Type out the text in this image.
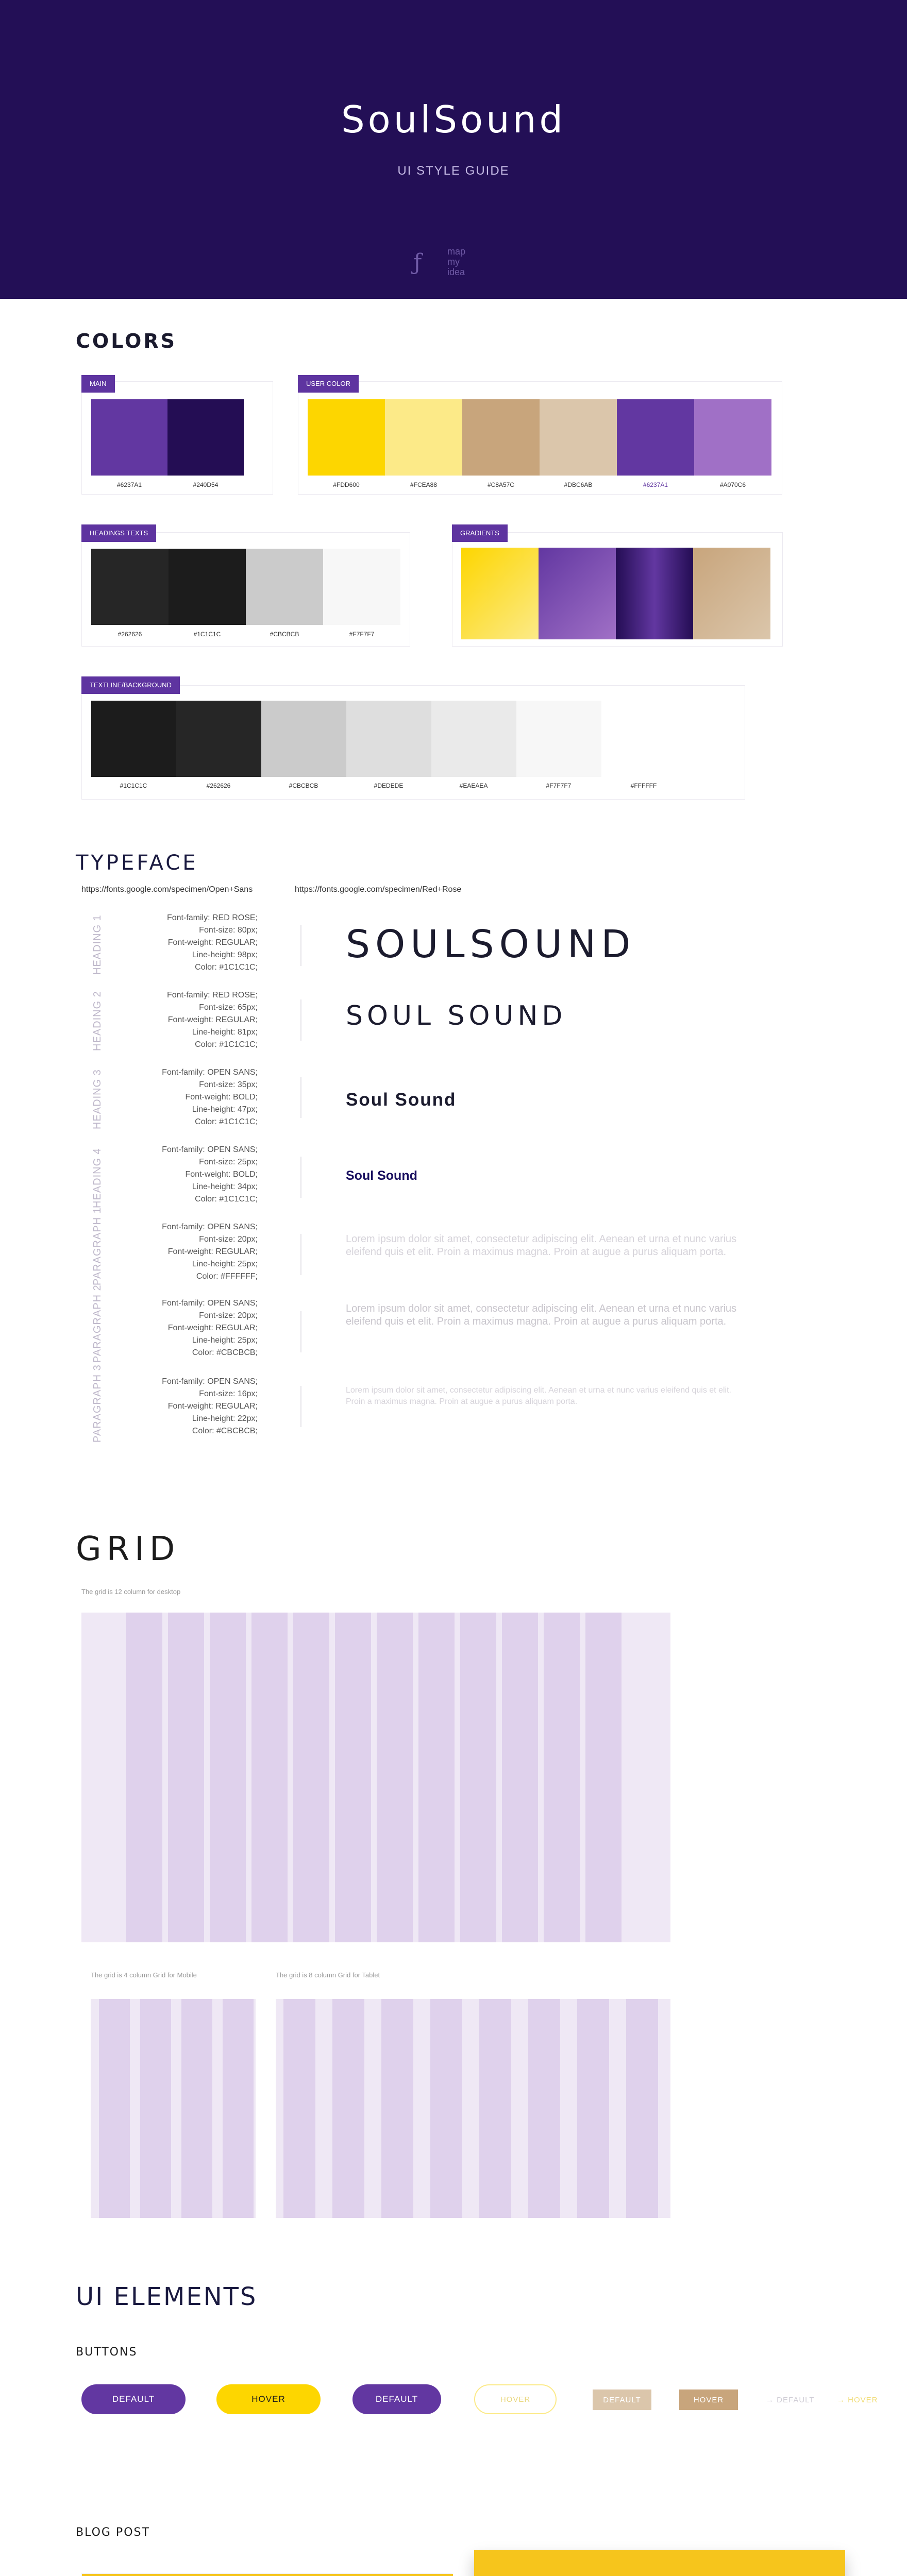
SoulSound
UI STYLE GUIDE
ƒ	map
my
idea
COLORS
MAIN
#6237A1	#240D54
USER COLOR
#FDD600	#FCEA88	#C8A57C	#DBC6AB	#6237A1	#A070C6
HEADINGS TEXTS
#262626	#1C1C1C	#CBCBCB	#F7F7F7
GRADIENTS
TEXTLINE/BACKGROUND
#1C1C1C	#262626	#CBCBCB	#DEDEDE	#EAEAEA	#F7F7F7	#FFFFFF
TYPEFACE
https://fonts.google.com/specimen/Open+Sans	https://fonts.google.com/specimen/Red+Rose
HEADING 1	Font-family: RED ROSE;
Font-size: 80px;
Font-weight: REGULAR;
Line-height: 98px;
Color: #1C1C1C;
SOULSOUND
HEADING 2	Font-family: RED ROSE;
Font-size: 65px;
Font-weight: REGULAR;
Line-height: 81px;
Color: #1C1C1C;
SOUL SOUND
HEADING 3	Font-family: OPEN SANS;
Font-size: 35px;
Font-weight: BOLD;
Line-height: 47px;
Color: #1C1C1C;
Soul Sound
HEADING 4	Font-family: OPEN SANS;
Font-size: 25px;
Font-weight: BOLD;
Line-height: 34px;
Color: #1C1C1C;
Soul Sound
PARAGRAPH 1	Font-family: OPEN SANS;
Font-size: 20px;
Font-weight: REGULAR;
Line-height: 25px;
Color: #FFFFFF;
Lorem ipsum dolor sit amet, consectetur adipiscing elit. Aenean et urna et nunc varius eleifend quis et elit. Proin a maximus magna. Proin at augue a purus aliquam porta.
PARAGRAPH 2	Font-family: OPEN SANS;
Font-size: 20px;
Font-weight: REGULAR;
Line-height: 25px;
Color: #CBCBCB;
Lorem ipsum dolor sit amet, consectetur adipiscing elit. Aenean et urna et nunc varius eleifend quis et elit. Proin a maximus magna. Proin at augue a purus aliquam porta.
PARAGRAPH 3	Font-family: OPEN SANS;
Font-size: 16px;
Font-weight: REGULAR;
Line-height: 22px;
Color: #CBCBCB;
Lorem ipsum dolor sit amet, consectetur adipiscing elit. Aenean et urna et nunc varius eleifend quis et elit. Proin a maximus magna. Proin at augue a purus aliquam porta.
GRID
The grid is 12 column for desktop
The grid is 4 column Grid for Mobile	The grid is 8 column Grid for Tablet
UI ELEMENTS
BUTTONS
DEFAULT	HOVER	DEFAULT	HOVER	DEFAULT	HOVER	→ DEFAULT	→ HOVER
BLOG POST
